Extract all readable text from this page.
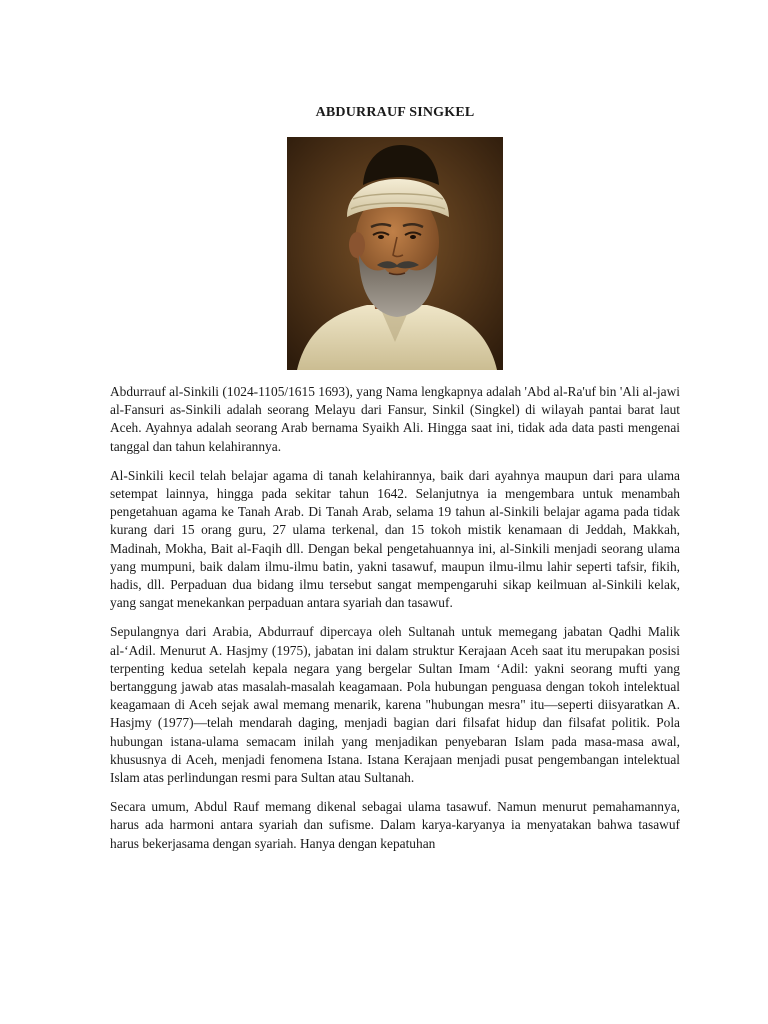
ABDURRAUF SINGKEL

Abdurrauf al-Sinkili (1024-1105/1615 1693), yang Nama lengkapnya adalah 'Abd al-Ra'uf bin 'Ali al-jawi al-Fansuri as-Sinkili adalah seorang Melayu dari Fansur, Sinkil (Singkel) di wilayah pantai barat laut Aceh. Ayahnya adalah seorang Arab bernama Syaikh Ali. Hingga saat ini, tidak ada data pasti mengenai tanggal dan tahun kelahirannya.

Al-Sinkili kecil telah belajar agama di tanah kelahirannya, baik dari ayahnya maupun dari para ulama setempat lainnya, hingga pada sekitar tahun 1642. Selanjutnya ia mengembara untuk menambah pengetahuan agama ke Tanah Arab. Di Tanah Arab, selama 19 tahun al-Sinkili belajar agama pada tidak kurang dari 15 orang guru, 27 ulama terkenal, dan 15 tokoh mistik kenamaan di Jeddah, Makkah, Madinah, Mokha, Bait al-Faqih dll. Dengan bekal pengetahuannya ini, al-Sinkili menjadi seorang ulama yang mumpuni, baik dalam ilmu-ilmu batin, yakni tasawuf, maupun ilmu-ilmu lahir seperti tafsir, fikih, hadis, dll. Perpaduan dua bidang ilmu tersebut sangat mempengaruhi sikap keilmuan al-Sinkili kelak, yang sangat menekankan perpaduan antara syariah dan tasawuf.

Sepulangnya dari Arabia, Abdurrauf dipercaya oleh Sultanah untuk memegang jabatan Qadhi Malik al-‘Adil. Menurut A. Hasjmy (1975), jabatan ini dalam struktur Kerajaan Aceh saat itu merupakan posisi terpenting kedua setelah kepala negara yang bergelar Sultan Imam ‘Adil: yakni seorang mufti yang bertanggung jawab atas masalah-masalah keagamaan. Pola hubungan penguasa dengan tokoh intelektual keagamaan di Aceh sejak awal memang menarik, karena "hubungan mesra" itu—seperti diisyaratkan A. Hasjmy (1977)—telah mendarah daging, menjadi bagian dari filsafat hidup dan filsafat politik. Pola hubungan istana-ulama semacam inilah yang menjadikan penyebaran Islam pada masa-masa awal, khususnya di Aceh, menjadi fenomena Istana. Istana Kerajaan menjadi pusat pengembangan intelektual Islam atas perlindungan resmi para Sultan atau Sultanah.

Secara umum, Abdul Rauf memang dikenal sebagai ulama tasawuf. Namun menurut pemahamannya, harus ada harmoni antara syariah dan sufisme. Dalam karya-karyanya ia menyatakan bahwa tasawuf harus bekerjasama dengan syariah. Hanya dengan kepatuhan
